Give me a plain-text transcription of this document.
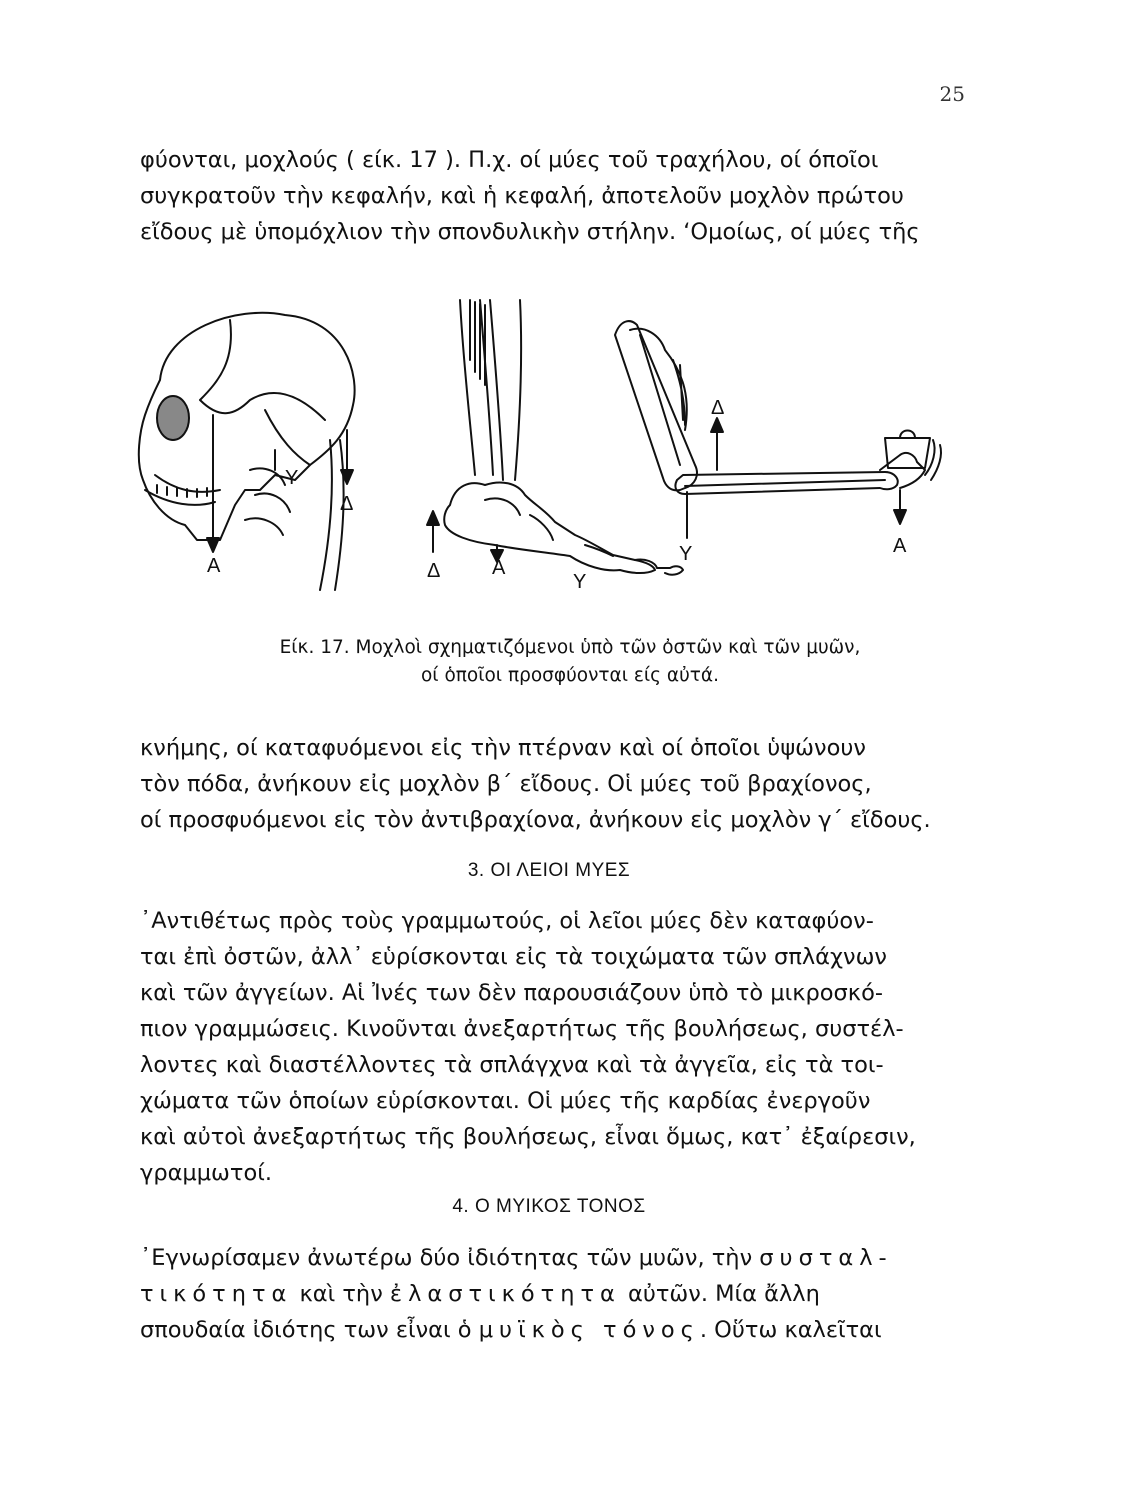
25

φύονται, μοχλούς ( είκ. 17 ). Π.χ. οί μύες τοῦ τραχήλου, οί όποῖοι
συγκρατοῦν τὴν κεφαλήν, καὶ ἡ κεφαλή, ἀποτελοῦν μοχλὸν πρώτου
εἴδους μὲ ὑπομόχλιον τὴν σπονδυλικὴν στήλην. ‘Ομοίως, οί μύες τῆς

Α
Υ
Δ
Δ	Α
Υ
Δ
Υ	Α
Είκ. 17. Μοχλοὶ σχηματιζόμενοι ὑπὸ τῶν ὀστῶν καὶ τῶν μυῶν,
οί ὁποῖοι προσφύονται είς αὐτά.

κνήμης, οί καταφυόμενοι εἰς τὴν πτέρναν καὶ οί ὁποῖοι ὑψώνουν
τὸν πόδα, ἀνήκουν εἰς μοχλὸν β΄ εἴδους. Οἱ μύες τοῦ βραχίονος,
οί προσφυόμενοι εἰς τὸν ἀντιβραχίονα, ἀνήκουν εἰς μοχλὸν γ΄ εἴδους.

3. ΟΙ ΛΕΙΟΙ ΜΥΕΣ

᾿Αντιθέτως πρὸς τοὺς γραμμωτούς, οἱ λεῖοι μύες δὲν καταφύον-
ται ἐπὶ ὀστῶν, ἀλλ᾿ εὑρίσκονται εἰς τὰ τοιχώματα τῶν σπλάχνων
καὶ τῶν ἀγγείων. Αἱ Ἰνές των δὲν παρουσιάζουν ὑπὸ τὸ μικροσκό-
πιον γραμμώσεις. Κινοῦνται ἀνεξαρτήτως τῆς βουλήσεως, συστέλ-
λοντες καὶ διαστέλλοντες τὰ σπλάγχνα καὶ τὰ ἀγγεῖα, εἰς τὰ τοι-
χώματα τῶν ὁποίων εὑρίσκονται. Οἱ μύες τῆς καρδίας ἐνεργοῦν
καὶ αὐτοὶ ἀνεξαρτήτως τῆς βουλήσεως, εἶναι ὅμως, κατ᾿ ἐξαίρεσιν,
γραμμωτοί.

4. Ο ΜΥΙΚΟΣ ΤΟΝΟΣ

᾿Εγνωρίσαμεν ἀνωτέρω δύο ἰδιότητας τῶν μυῶν, τὴν συσταλ-
τικότητα καὶ τὴν ἐλαστικότητα αὐτῶν. Μία ἄλλη
σπουδαία ἰδιότης των εἶναι ὁ μυϊκὸς τόνος. Οὕτω καλεῖται
